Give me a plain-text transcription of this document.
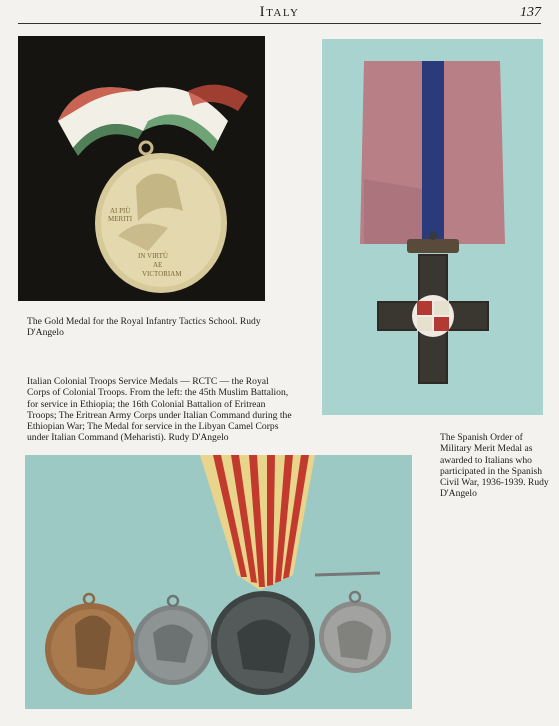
Italy	137
AI PIÙ
MERITI
IN VIRTÙ
AE
VICTORIAM

The Gold Medal for the Royal Infantry Tactics School. Rudy D'Angelo

Italian Colonial Troops Service Medals — RCTC — the Royal Corps of Colonial Troops. From the left: the 45th Muslim Battalion, for service in Ethiopia; the 16th Colonial Battalion of Eritrean Troops; The Eritrean Army Corps under Italian Command during the Ethiopian War; The Medal for service in the Libyan Camel Corps under Italian Command (Meharisti). Rudy D'Angelo	The Spanish Order of Military Merit Medal as awarded to Italians who participated in the Spanish Civil War, 1936-1939. Rudy D'Angelo
